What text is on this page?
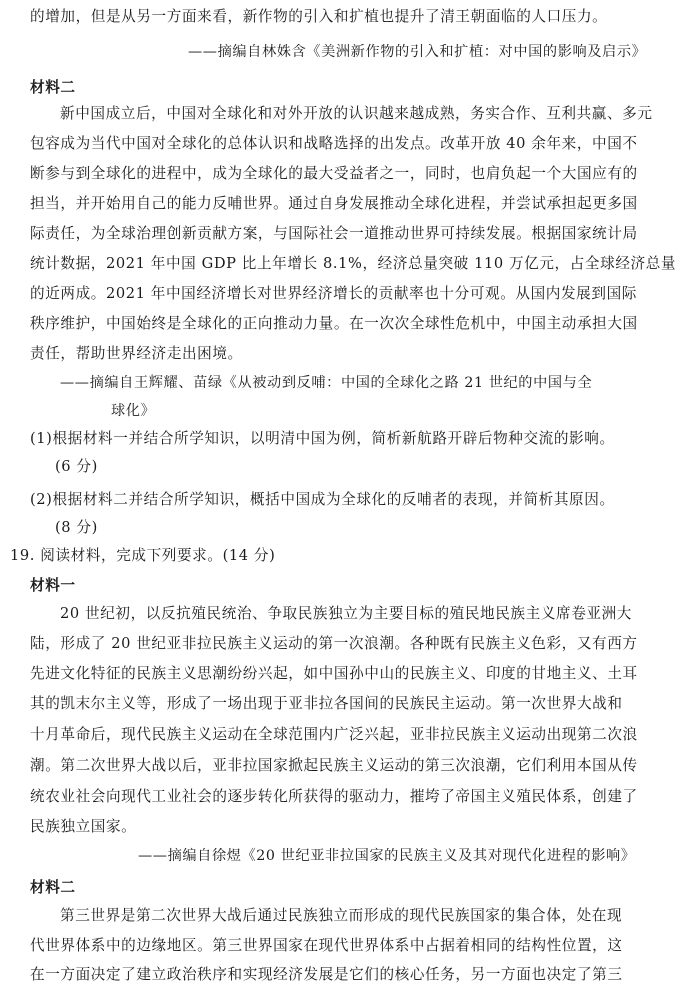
的增加，但是从另一方面来看，新作物的引入和扩植也提升了清王朝面临的人口压力。
——摘编自林姝含《美洲新作物的引入和扩植：对中国的影响及启示》
材料二
新中国成立后，中国对全球化和对外开放的认识越来越成熟，务实合作、互利共赢、多元
包容成为当代中国对全球化的总体认识和战略选择的出发点。改革开放 40 余年来，中国不
断参与到全球化的进程中，成为全球化的最大受益者之一，同时，也肩负起一个大国应有的
担当，并开始用自己的能力反哺世界。通过自身发展推动全球化进程，并尝试承担起更多国
际责任，为全球治理创新贡献方案，与国际社会一道推动世界可持续发展。根据国家统计局
统计数据，2021 年中国 GDP 比上年增长 8.1%，经济总量突破 110 万亿元，占全球经济总量
的近两成。2021 年中国经济增长对世界经济增长的贡献率也十分可观。从国内发展到国际
秩序维护，中国始终是全球化的正向推动力量。在一次次全球性危机中，中国主动承担大国
责任，帮助世界经济走出困境。
——摘编自王辉耀、苗绿《从被动到反哺：中国的全球化之路 21 世纪的中国与全
球化》
(1)根据材料一并结合所学知识，以明清中国为例，简析新航路开辟后物种交流的影响。
(6 分)
(2)根据材料二并结合所学知识，概括中国成为全球化的反哺者的表现，并简析其原因。
(8 分)
19. 阅读材料，完成下列要求。(14 分)
材料一
20 世纪初，以反抗殖民统治、争取民族独立为主要目标的殖民地民族主义席卷亚洲大
陆，形成了 20 世纪亚非拉民族主义运动的第一次浪潮。各种既有民族主义色彩，又有西方
先进文化特征的民族主义思潮纷纷兴起，如中国孙中山的民族主义、印度的甘地主义、土耳
其的凯末尔主义等，形成了一场出现于亚非拉各国间的民族民主运动。第一次世界大战和
十月革命后，现代民族主义运动在全球范围内广泛兴起，亚非拉民族主义运动出现第二次浪
潮。第二次世界大战以后，亚非拉国家掀起民族主义运动的第三次浪潮，它们利用本国从传
统农业社会向现代工业社会的逐步转化所获得的驱动力，摧垮了帝国主义殖民体系，创建了
民族独立国家。
——摘编自徐煜《20 世纪亚非拉国家的民族主义及其对现代化进程的影响》
材料二
第三世界是第二次世界大战后通过民族独立而形成的现代民族国家的集合体，处在现
代世界体系中的边缘地区。第三世界国家在现代世界体系中占据着相同的结构性位置，这
在一方面决定了建立政治秩序和实现经济发展是它们的核心任务，另一方面也决定了第三
